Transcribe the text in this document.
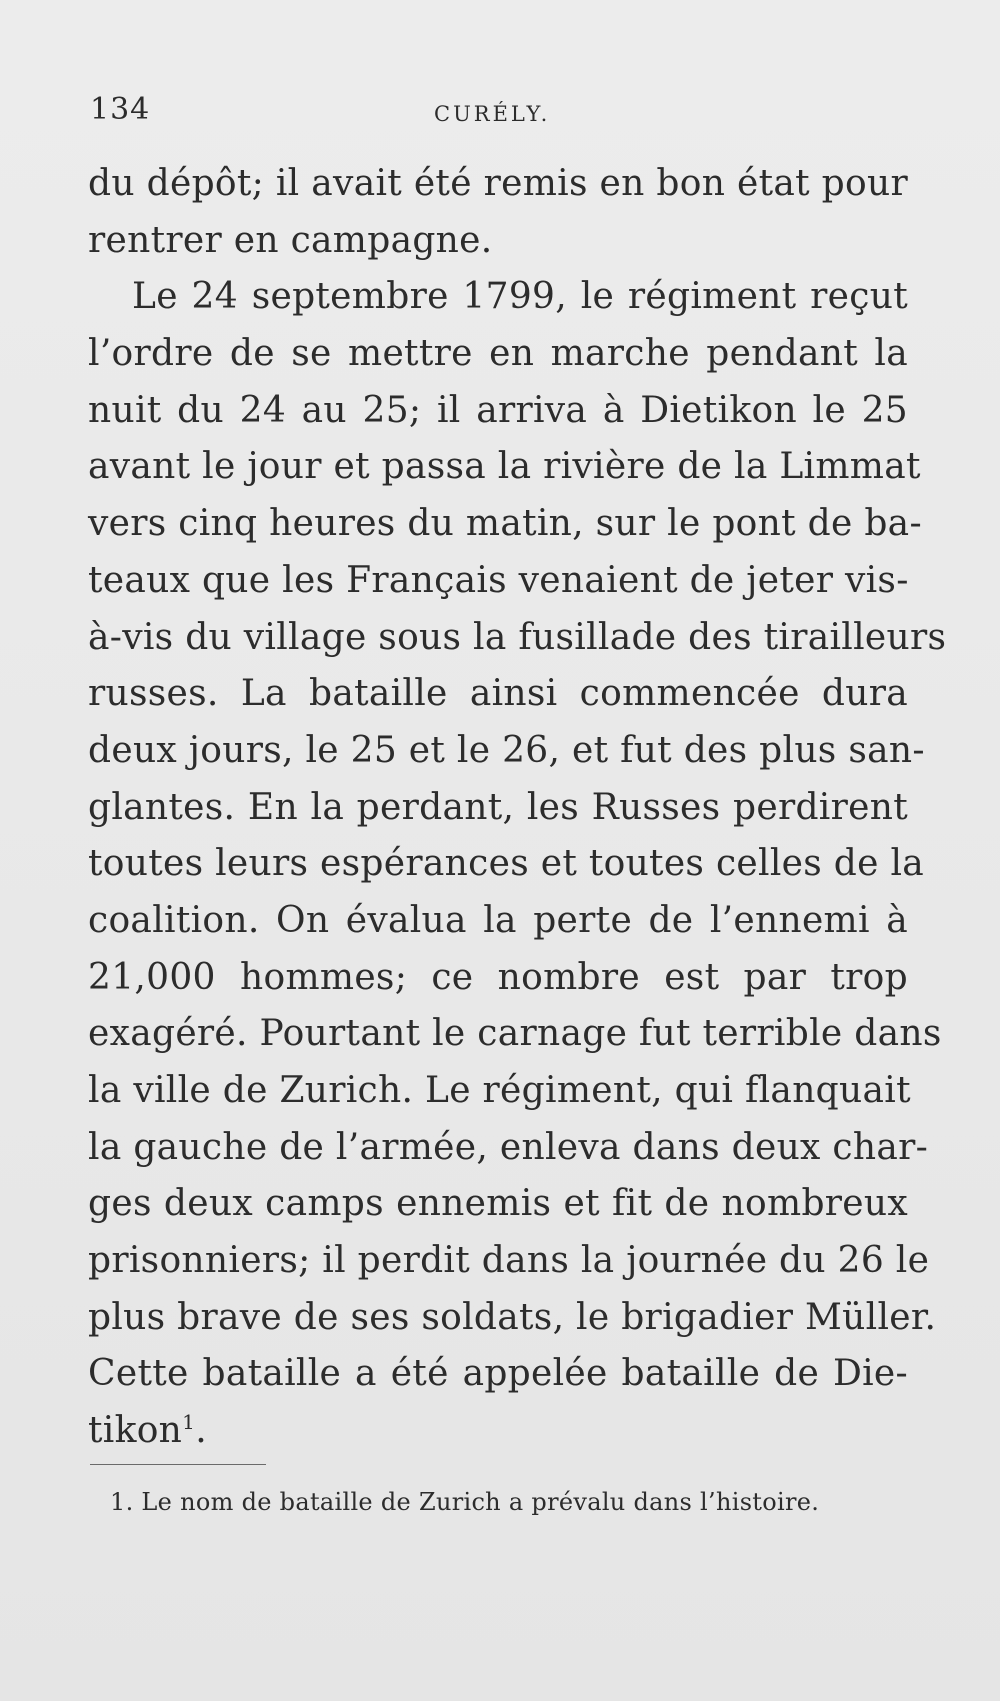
134	CURÉLY.
du dépôt; il avait été remis en bon état pour
rentrer en campagne.
Le 24 septembre 1799, le régiment reçut
l’ordre de se mettre en marche pendant la
nuit du 24 au 25; il arriva à Dietikon le 25
avant le jour et passa la rivière de la Limmat
vers cinq heures du matin, sur le pont de ba-
teaux que les Français venaient de jeter vis-
à-vis du village sous la fusillade des tirailleurs
russes. La bataille ainsi commencée dura
deux jours, le 25 et le 26, et fut des plus san-
glantes. En la perdant, les Russes perdirent
toutes leurs espérances et toutes celles de la
coalition. On évalua la perte de l’ennemi à
21,000 hommes; ce nombre est par trop
exagéré. Pourtant le carnage fut terrible dans
la ville de Zurich. Le régiment, qui flanquait
la gauche de l’armée, enleva dans deux char-
ges deux camps ennemis et fit de nombreux
prisonniers; il perdit dans la journée du 26 le
plus brave de ses soldats, le brigadier Müller.
Cette bataille a été appelée bataille de Die-
tikon$^1$.
1. Le nom de bataille de Zurich a prévalu dans l’histoire.
